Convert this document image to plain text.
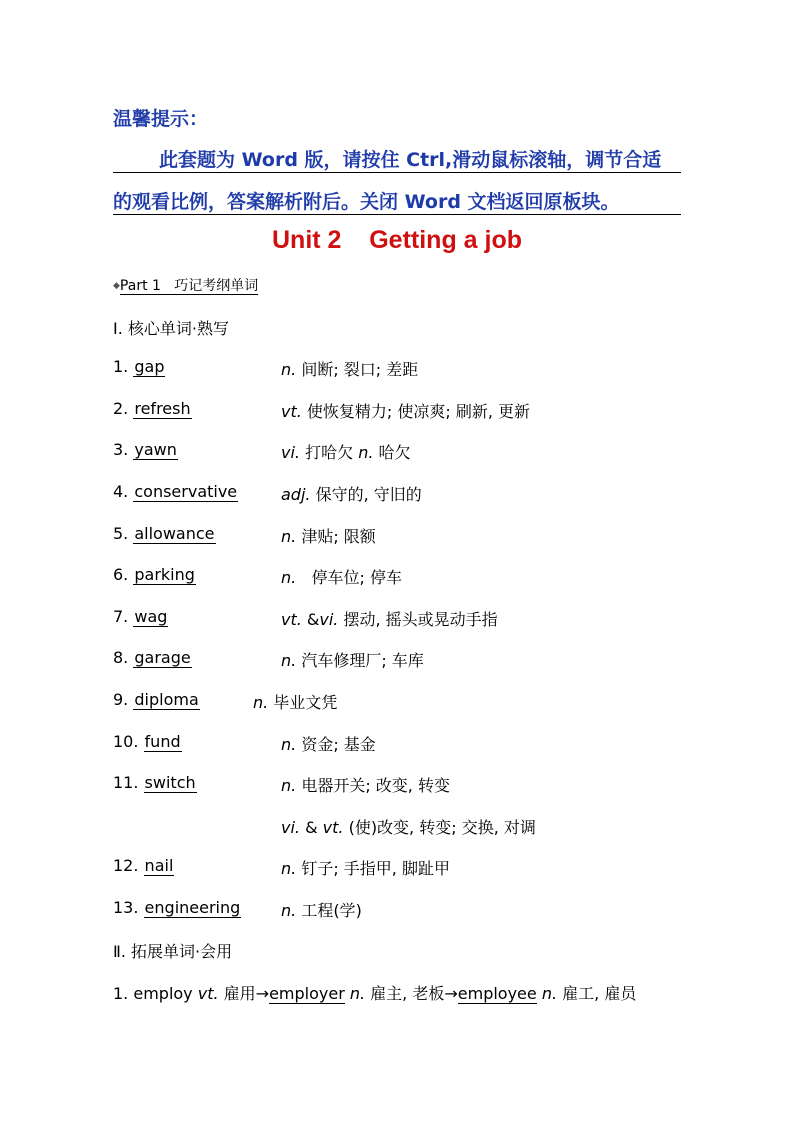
温馨提示：
此套题为 Word 版，请按住 Ctrl,滑动鼠标滚轴，调节合适
的观看比例，答案解析附后。关闭 Word 文档返回原板块。
Unit 2    Getting a job
◆Part 1 巧记考纲单词
Ⅰ. 核心单词·熟写
1. gap	n. 间断; 裂口; 差距
2. refresh	vt. 使恢复精力; 使凉爽; 刷新, 更新
3. yawn	vi. 打哈欠 n. 哈欠
4. conservative	adj. 保守的, 守旧的
5. allowance	n. 津贴; 限额
6. parking	n.   停车位; 停车
7. wag	vt. &vi. 摆动, 摇头或晃动手指
8. garage	n. 汽车修理厂; 车库
9. diploma	n. 毕业文凭
10. fund	n. 资金; 基金
11. switch	n. 电器开关; 改变, 转变
vi. & vt. (使)改变, 转变; 交换, 对调
12. nail	n. 钉子; 手指甲, 脚趾甲
13. engineering	n. 工程(学)
Ⅱ. 拓展单词·会用
1. employ vt. 雇用→employer n. 雇主, 老板→employee n. 雇工, 雇员
